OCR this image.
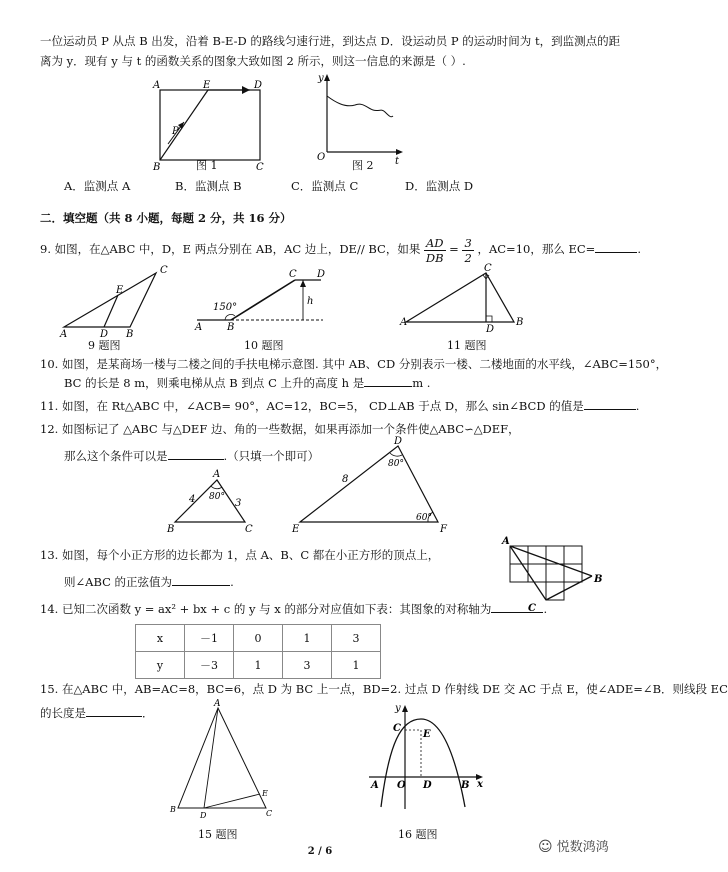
一位运动员 P 从点 B 出发，沿着 B-E-D 的路线匀速行进，到达点 D．设运动员 P 的运动时间为 t，到监测点的距
离为 y．现有 y 与 t 的函数关系的图象大致如图 2 所示，则这一信息的来源是（ ）.
A	E	D
P
B	C
图 1
y
O	t
图 2
A．监测点 A	B．监测点 B	C．监测点 C	D．监测点 D
二．填空题（共 8 小题，每题 2 分，共 16 分）
9. 如图，在△ABC 中，D，E 两点分别在 AB，AC 边上，DE// BC，如果 $\frac{AD}{DB} = \frac{3}{2}$ ，AC=10，那么 EC=	.
A	D B
E
C
9 题图
150°
A B
C D
h
10 题图
A
C
D
B
11 题图
10. 如图，是某商场一楼与二楼之间的手扶电梯示意图. 其中 AB、CD 分别表示一楼、二楼地面的水平线，∠ABC=150°，
BC 的长是 8 m，则乘电梯从点 B 到点 C 上升的高度 h 是	m .
11. 如图，在 Rt△ABC 中，∠ACB= 90°，AC=12，BC=5， CD⊥AB 于点 D，那么 sin∠BCD 的值是	.
12. 如图标记了 △ABC 与△DEF 边、角的一些数据，如果再添加一个条件使△ABC∽△DEF，
那么这个条件可以是	.（只填一个即可）
80°
4	3
A
B	C
80°
60°
8
D
E	F
13. 如图，每个小正方形的边长都为 1，点 A、B、C 都在小正方形的顶点上，
则∠ABC 的正弦值为	.
A
B
C
14. 已知二次函数 y = ax² + bx + c 的 y 与 x 的部分对应值如下表：其图象的对称轴为	.
x	－1	0	1	3
y	－3	1	3	1
15. 在△ABC 中，AB=AC=8，BC=6，点 D 为 BC 上一点，BD=2. 过点 D 作射线 DE 交 AC 于点 E，使∠ADE=∠B．则线段 EC
的长度是	．
A
B
D
E
C
15 题图
y
C
E
A O D	B x
16 题图
2 / 6	☺ 悦数鸿鸿
